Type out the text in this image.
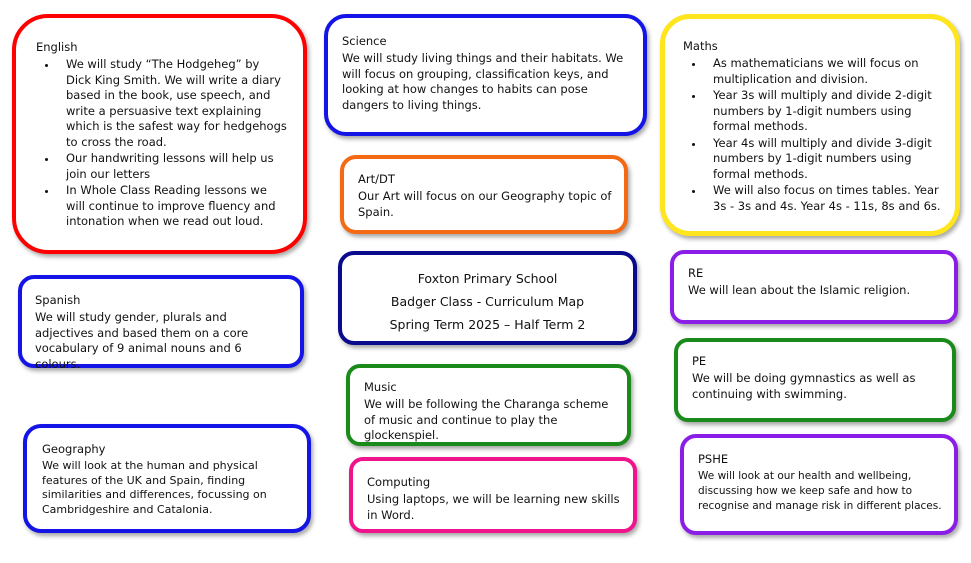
English
• We will study “The Hodgeheg” by Dick King Smith. We will write a diary based in the book, use speech, and write a persuasive text explaining which is the safest way for hedgehogs to cross the road.
• Our handwriting lessons will help us join our letters
• In Whole Class Reading lessons we will continue to improve fluency and intonation when we read out loud.
Science

We will study living things and their habitats. We will focus on grouping, classification keys, and looking at how changes to habits can pose dangers to living things.

Maths
• As mathematicians we will focus on multiplication and division.
• Year 3s will multiply and divide 2-digit numbers by 1-digit numbers using formal methods.
• Year 4s will multiply and divide 3-digit numbers by 1-digit numbers using formal methods.
• We will also focus on times tables. Year 3s - 3s and 4s. Year 4s - 11s, 8s and 6s.
Art/DT

Our Art will focus on our Geography topic of Spain.

Foxton Primary School

Badger Class - Curriculum Map

Spring Term 2025 – Half Term 2

Spanish

We will study gender, plurals and adjectives and based them on a core vocabulary of 9 animal nouns and 6 colours.

RE

We will lean about the Islamic religion.

PE

We will be doing gymnastics as well as continuing with swimming.

Music

We will be following the Charanga scheme of music and continue to play the glockenspiel.

Geography

We will look at the human and physical features of the UK and Spain, finding similarities and differences, focussing on Cambridgeshire and Catalonia.

Computing

Using laptops, we will be learning new skills in Word.

PSHE

We will look at our health and wellbeing, discussing how we keep safe and how to recognise and manage risk in different places.
